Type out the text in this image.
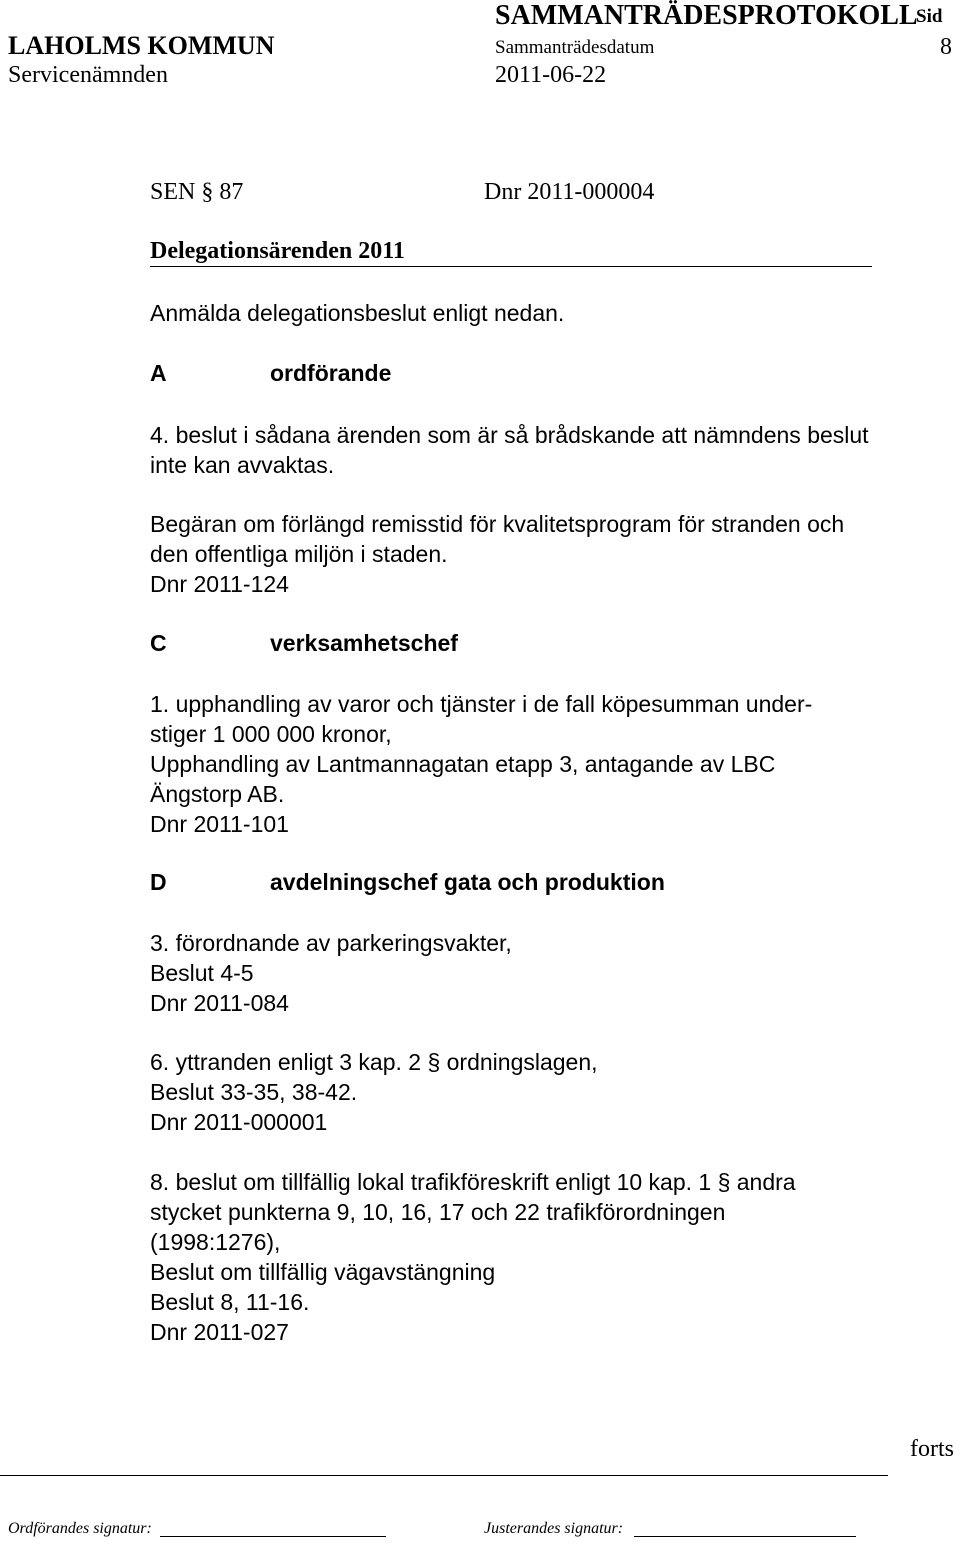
SAMMANTRÄDESPROTOKOLL
Sid
LAHOLMS KOMMUN	Sammanträdesdatum	8
Servicenämnden	2011-06-22
SEN § 87	Dnr 2011-000004
Delegationsärenden 2011
Anmälda delegationsbeslut enligt nedan.
A	ordförande
4. beslut i sådana ärenden som är så brådskande att nämndens beslut
inte kan avvaktas.
Begäran om förlängd remisstid för kvalitetsprogram för stranden och
den offentliga miljön i staden.
Dnr 2011-124
C	verksamhetschef
1. upphandling av varor och tjänster i de fall köpesumman under-
stiger 1 000 000 kronor,
Upphandling av Lantmannagatan etapp 3, antagande av LBC
Ängstorp AB.
Dnr 2011-101
D	avdelningschef gata och produktion
3. förordnande av parkeringsvakter,
Beslut 4-5
Dnr 2011-084
6. yttranden enligt 3 kap. 2 § ordningslagen,
Beslut 33-35, 38-42.
Dnr 2011-000001
8. beslut om tillfällig lokal trafikföreskrift enligt 10 kap. 1 § andra
stycket punkterna 9, 10, 16, 17 och 22 trafikförordningen
(1998:1276),
Beslut om tillfällig vägavstängning
Beslut 8, 11-16.
Dnr 2011-027
forts
Ordförandes signatur:	Justerandes signatur:
